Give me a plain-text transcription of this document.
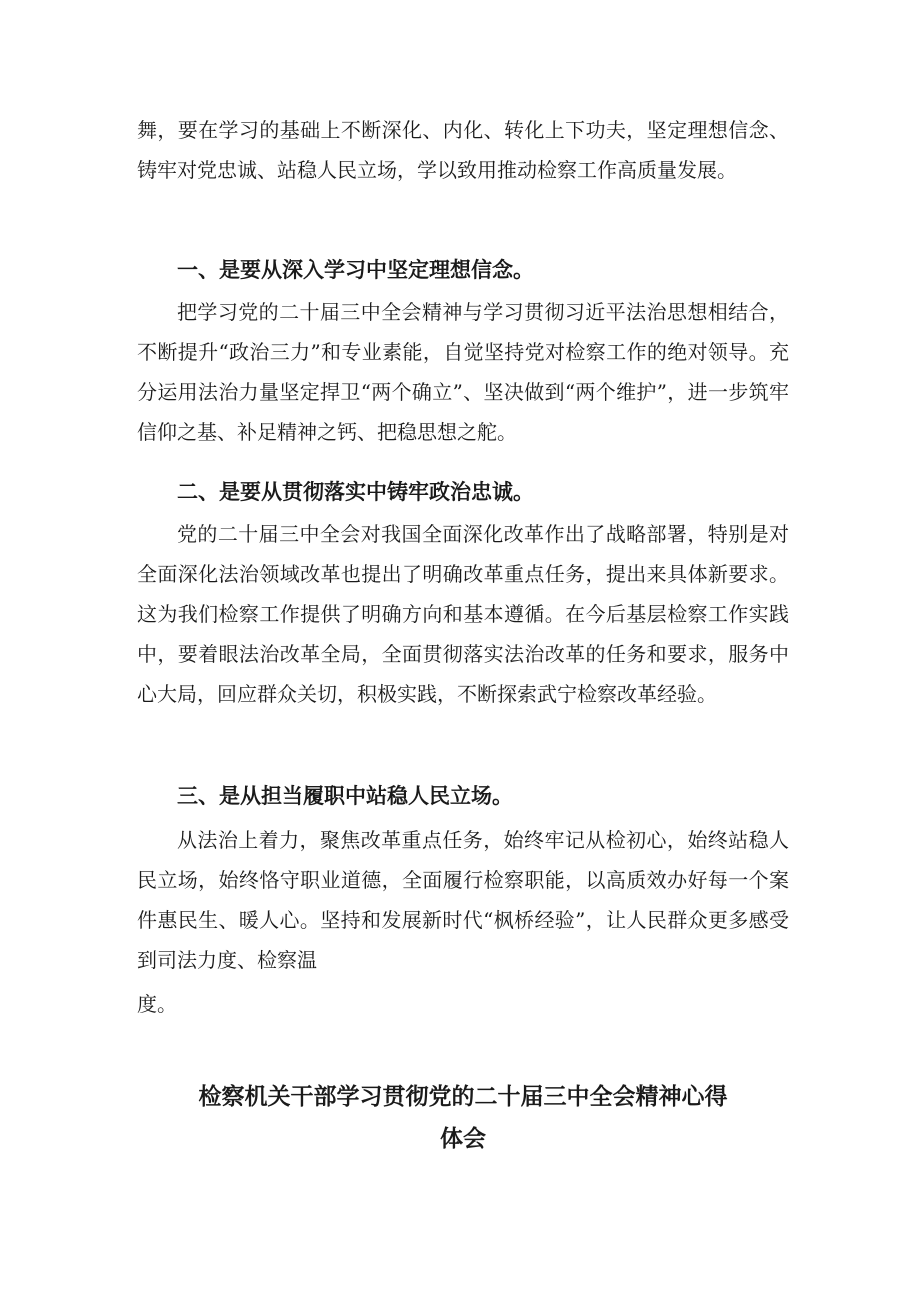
舞，要在学习的基础上不断深化、内化、转化上下功夫，坚定理想信念、铸牢对党忠诚、站稳人民立场，学以致用推动检察工作高质量发展。

一、是要从深入学习中坚定理想信念。

把学习党的二十届三中全会精神与学习贯彻习近平法治思想相结合，不断提升“政治三力”和专业素能，自觉坚持党对检察工作的绝对领导。充分运用法治力量坚定捍卫“两个确立”、坚决做到“两个维护”，进一步筑牢信仰之基、补足精神之钙、把稳思想之舵。

二、是要从贯彻落实中铸牢政治忠诚。

党的二十届三中全会对我国全面深化改革作出了战略部署，特别是对全面深化法治领域改革也提出了明确改革重点任务，提出来具体新要求。这为我们检察工作提供了明确方向和基本遵循。在今后基层检察工作实践中，要着眼法治改革全局，全面贯彻落实法治改革的任务和要求，服务中心大局，回应群众关切，积极实践，不断探索武宁检察改革经验。

三、是从担当履职中站稳人民立场。

从法治上着力，聚焦改革重点任务，始终牢记从检初心，始终站稳人民立场，始终恪守职业道德，全面履行检察职能，以高质效办好每一个案件惠民生、暖人心。坚持和发展新时代“枫桥经验”，让人民群众更多感受到司法力度、检察温

度。

检察机关干部学习贯彻党的二十届三中全会精神心得
体会
